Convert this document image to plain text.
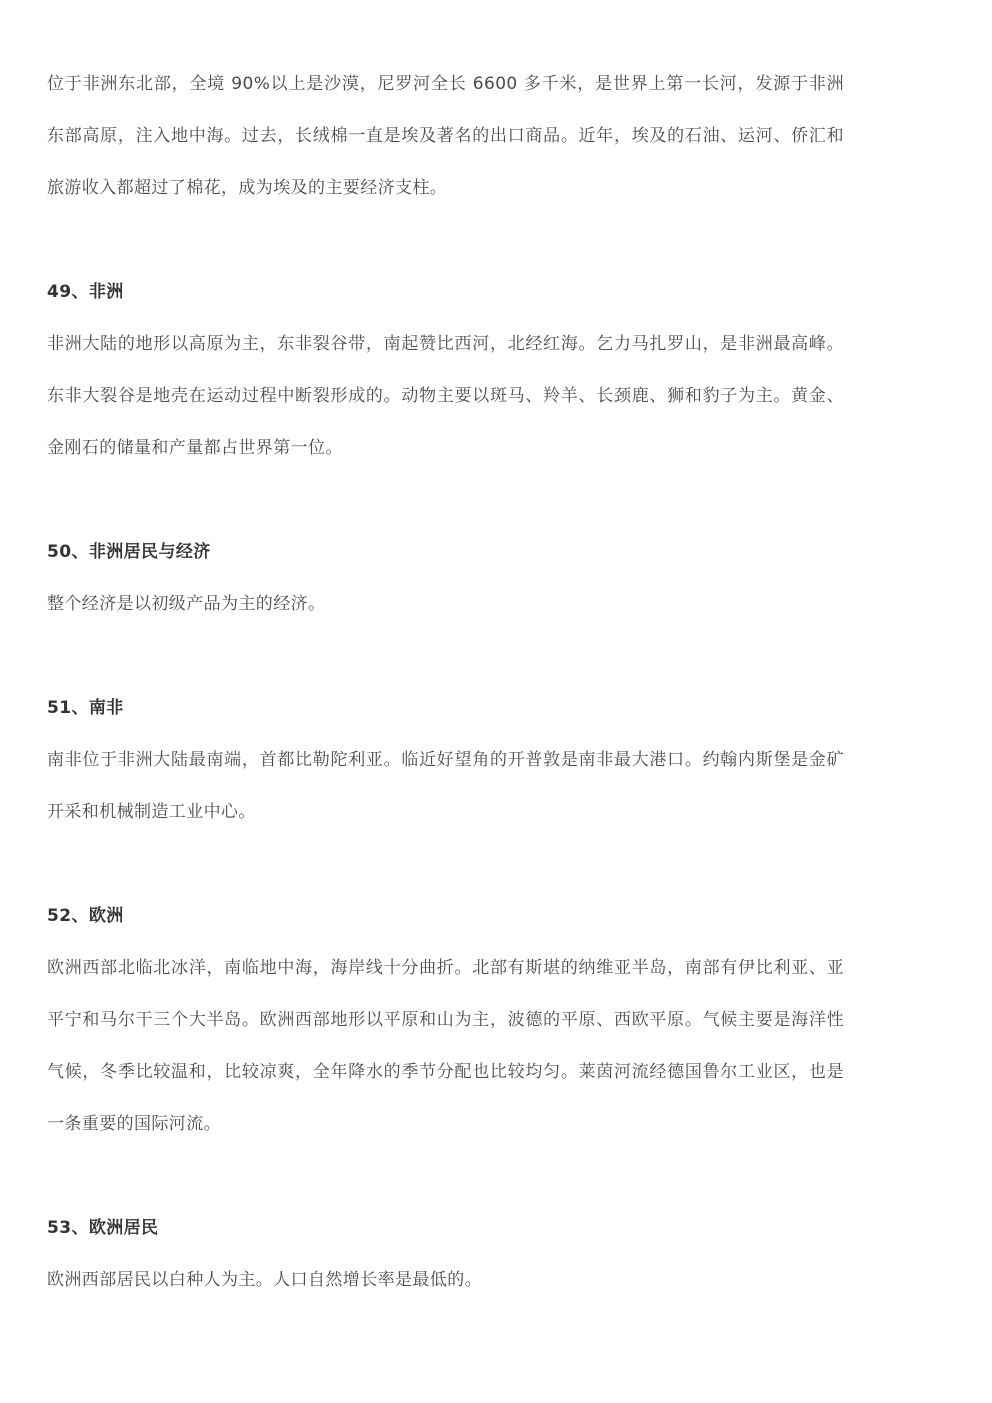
位于非洲东北部，全境 90%以上是沙漠，尼罗河全长 6600 多千米，是世界上第一长河，发源于非洲东部高原，注入地中海。过去，长绒棉一直是埃及著名的出口商品。近年，埃及的石油、运河、侨汇和旅游收入都超过了棉花，成为埃及的主要经济支柱。

49、非洲

非洲大陆的地形以高原为主，东非裂谷带，南起赞比西河，北经红海。乞力马扎罗山，是非洲最高峰。东非大裂谷是地壳在运动过程中断裂形成的。动物主要以斑马、羚羊、长颈鹿、狮和豹子为主。黄金、金刚石的储量和产量都占世界第一位。

50、非洲居民与经济

整个经济是以初级产品为主的经济。

51、南非

南非位于非洲大陆最南端，首都比勒陀利亚。临近好望角的开普敦是南非最大港口。约翰内斯堡是金矿开采和机械制造工业中心。

52、欧洲

欧洲西部北临北冰洋，南临地中海，海岸线十分曲折。北部有斯堪的纳维亚半岛，南部有伊比利亚、亚平宁和马尔干三个大半岛。欧洲西部地形以平原和山为主，波德的平原、西欧平原。气候主要是海洋性气候，冬季比较温和，比较凉爽，全年降水的季节分配也比较均匀。莱茵河流经德国鲁尔工业区，也是一条重要的国际河流。

53、欧洲居民

欧洲西部居民以白种人为主。人口自然增长率是最低的。
